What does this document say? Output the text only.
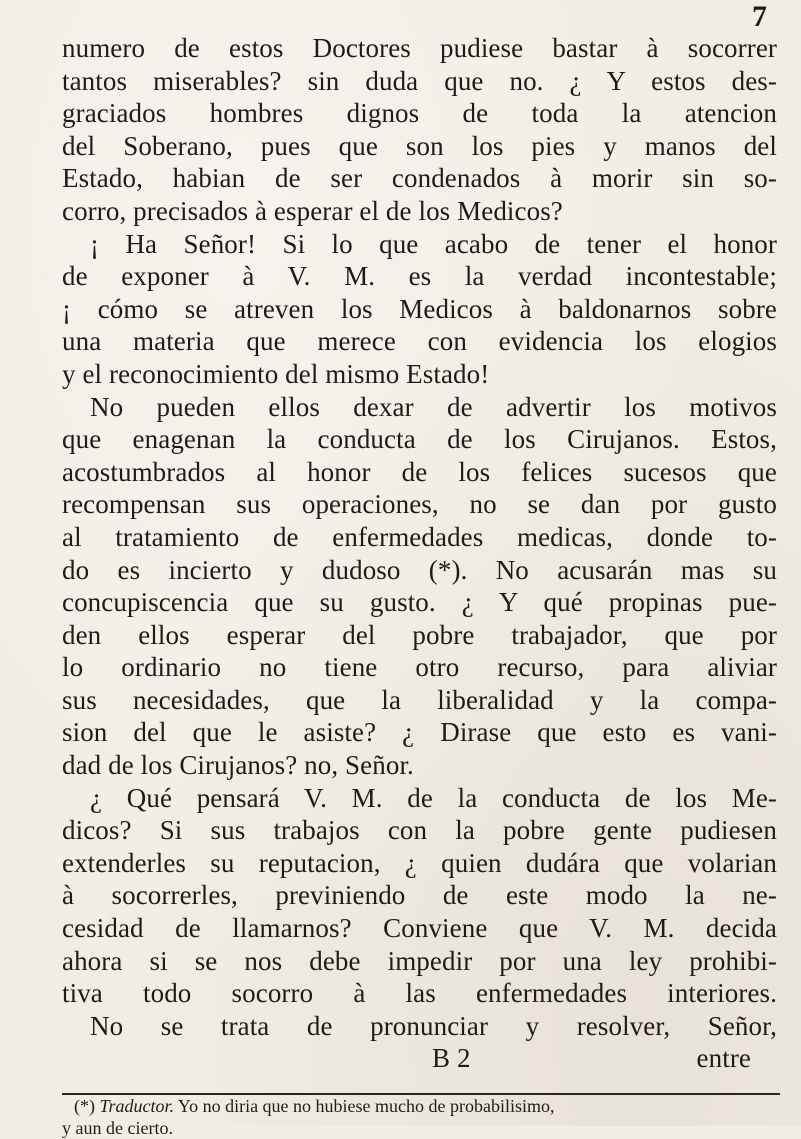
7
numero de estos Doctores pudiese bastar à socorrer
tantos miserables? sin duda que no. ¿ Y estos des-
graciados hombres dignos de toda la atencion
del Soberano, pues que son los pies y manos del
Estado, habian de ser condenados à morir sin so-
corro, precisados à esperar el de los Medicos?
¡ Ha Señor! Si lo que acabo de tener el honor
de exponer à V. M. es la verdad incontestable;
¡ cómo se atreven los Medicos à baldonarnos sobre
una materia que merece con evidencia los elogios
y el reconocimiento del mismo Estado!
No pueden ellos dexar de advertir los motivos
que enagenan la conducta de los Cirujanos. Estos,
acostumbrados al honor de los felices sucesos que
recompensan sus operaciones, no se dan por gusto
al tratamiento de enfermedades medicas, donde to-
do es incierto y dudoso (*). No acusarán mas su
concupiscencia que su gusto. ¿ Y qué propinas pue-
den ellos esperar del pobre trabajador, que por
lo ordinario no tiene otro recurso, para aliviar
sus necesidades, que la liberalidad y la compa-
sion del que le asiste? ¿ Dirase que esto es vani-
dad de los Cirujanos? no, Señor.
¿ Qué pensará V. M. de la conducta de los Me-
dicos? Si sus trabajos con la pobre gente pudiesen
extenderles su reputacion, ¿ quien dudára que volarian
à socorrerles, previniendo de este modo la ne-
cesidad de llamarnos? Conviene que V. M. decida
ahora si se nos debe impedir por una ley prohibi-
tiva todo socorro à las enfermedades interiores.
No se trata de pronunciar y resolver, Señor,
B 2	entre
(*) Traductor. Yo no diria que no hubiese mucho de probabilisimo,
y aun de cierto.
